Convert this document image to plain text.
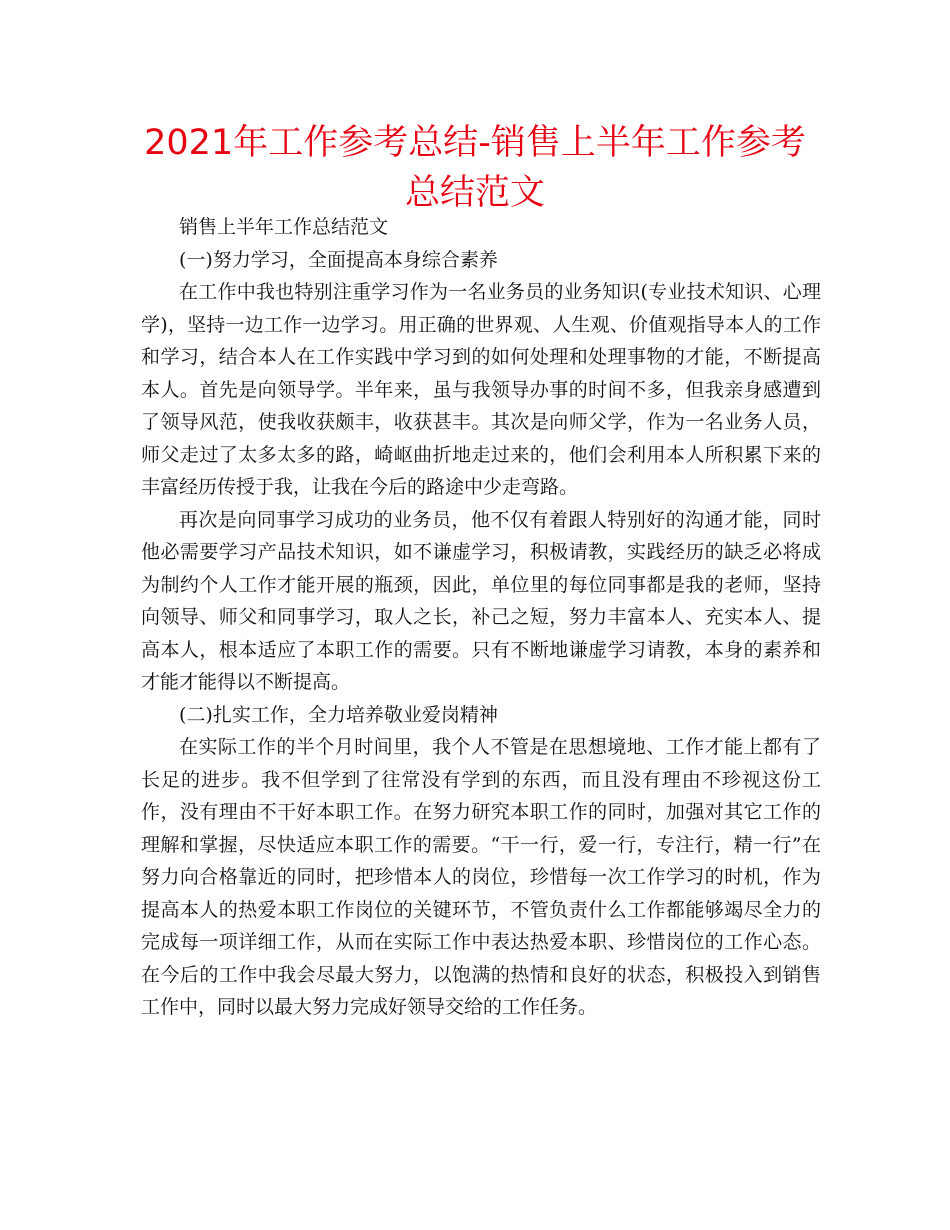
2021年工作参考总结-销售上半年工作参考总结范文

销售上半年工作总结范文

(一)努力学习，全面提高本身综合素养

在工作中我也特别注重学习作为一名业务员的业务知识(专业技术知识、心理学)，坚持一边工作一边学习。用正确的世界观、人生观、价值观指导本人的工作和学习，结合本人在工作实践中学习到的如何处理和处理事物的才能，不断提高本人。首先是向领导学。半年来，虽与我领导办事的时间不多，但我亲身感遭到了领导风范，使我收获颇丰，收获甚丰。其次是向师父学，作为一名业务人员，师父走过了太多太多的路，崎岖曲折地走过来的，他们会利用本人所积累下来的丰富经历传授于我，让我在今后的路途中少走弯路。

再次是向同事学习成功的业务员，他不仅有着跟人特别好的沟通才能，同时他必需要学习产品技术知识，如不谦虚学习，积极请教，实践经历的缺乏必将成为制约个人工作才能开展的瓶颈，因此，单位里的每位同事都是我的老师，坚持向领导、师父和同事学习，取人之长，补己之短，努力丰富本人、充实本人、提高本人，根本适应了本职工作的需要。只有不断地谦虚学习请教，本身的素养和才能才能得以不断提高。

(二)扎实工作，全力培养敬业爱岗精神

在实际工作的半个月时间里，我个人不管是在思想境地、工作才能上都有了长足的进步。我不但学到了往常没有学到的东西，而且没有理由不珍视这份工作，没有理由不干好本职工作。在努力研究本职工作的同时，加强对其它工作的理解和掌握，尽快适应本职工作的需要。“干一行，爱一行，专注行，精一行”在努力向合格靠近的同时，把珍惜本人的岗位，珍惜每一次工作学习的时机，作为提高本人的热爱本职工作岗位的关键环节，不管负责什么工作都能够竭尽全力的完成每一项详细工作，从而在实际工作中表达热爱本职、珍惜岗位的工作心态。在今后的工作中我会尽最大努力，以饱满的热情和良好的状态，积极投入到销售工作中，同时以最大努力完成好领导交给的工作任务。
